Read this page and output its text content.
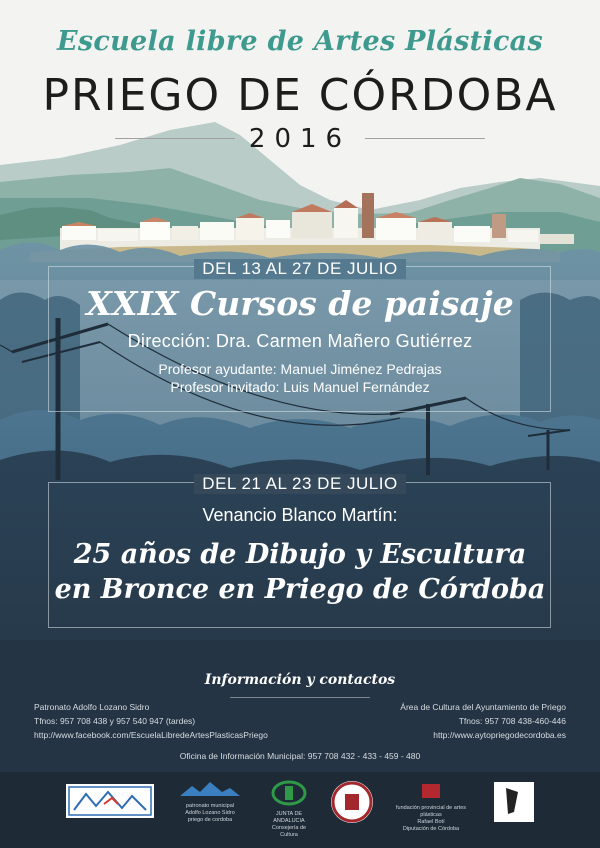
Escuela libre de Artes Plásticas
PRIEGO DE CÓRDOBA
2016
DEL 13 AL 27 DE JULIO
XXIX Cursos de paisaje
Dirección: Dra. Carmen Mañero Gutiérrez
Profesor ayudante: Manuel Jiménez Pedrajas
Profesor invitado: Luis Manuel Fernández
DEL 21 AL 23 DE JULIO
Venancio Blanco Martín:
25 años de Dibujo y Escultura
en Bronce en Priego de Córdoba
Información y contactos
Patronato Adolfo Lozano Sidro
Tfnos: 957 708 438 y 957 540 947 (tardes)
http://www.facebook.com/EscuelaLibredeArtesPlasticasPriego
Área de Cultura del Ayuntamiento de Priego
Tfnos: 957 708 438-460-446
http://www.aytopriegodecordoba.es
Oficina de Información Municipal: 957 708 432 - 433 - 459 - 480
patronato municipal
Adolfo Lozano Sidro
priego de cordoba
JUNTA DE ANDALUCIA
Consejería de Cultura
fundación provincial de artes plásticas
Rafael Botí
Diputación de Córdoba
